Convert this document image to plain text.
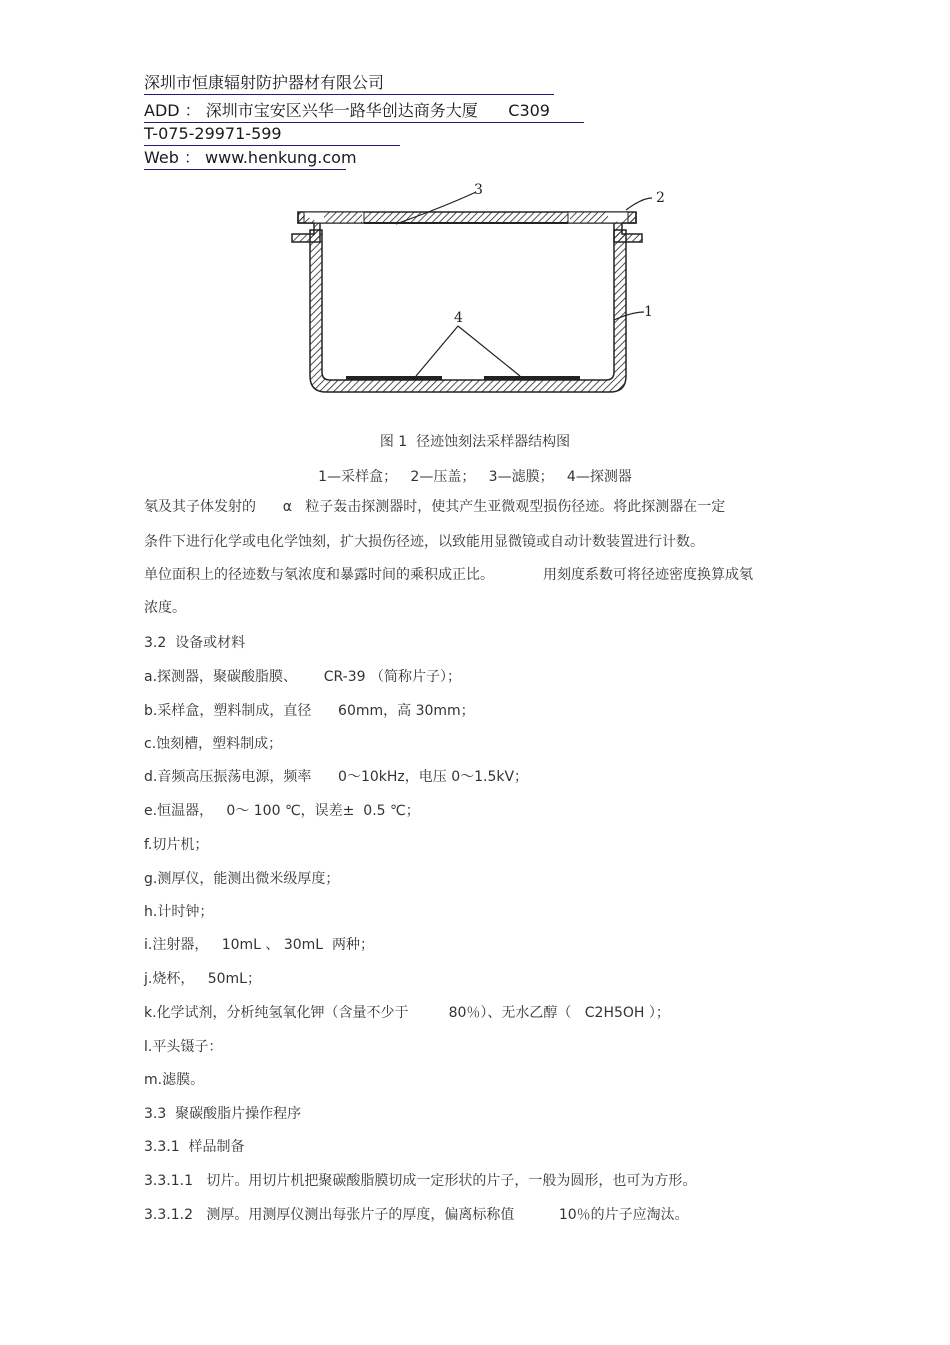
深圳市恒康辐射防护器材有限公司
ADD ： 深圳市宝安区兴华一路华创达商务大厦      C309
T-075-29971-599
Web ： www.henkung.com
3	2
1
4
图 1  径迹蚀刻法采样器结构图
1—采样盒；   2—压盖；   3—滤膜；   4—探测器
氡及其子体发射的      α   粒子轰击探测器时，使其产生亚微观型损伤径迹。将此探测器在一定
条件下进行化学或电化学蚀刻，扩大损伤径迹，以致能用显微镜或自动计数装置进行计数。
单位面积上的径迹数与氡浓度和暴露时间的乘积成正比。           用刻度系数可将径迹密度换算成氡
浓度。
3.2  设备或材料
a.探测器，聚碳酸脂膜、      CR-39 （简称片子）；
b.采样盒，塑料制成，直径      60mm，高 30mm；
c.蚀刻槽，塑料制成；
d.音频高压振荡电源，频率      0～10kHz，电压 0～1.5kV；
e.恒温器，   0～ 100 ℃，误差±  0.5 ℃；
f.切片机；
g.测厚仪，能测出微米级厚度；
h.计时钟；
i.注射器，   10mL 、 30mL  两种；
j.烧杯，   50mL；
k.化学试剂，分析纯氢氧化钾（含量不少于         80％）、无水乙醇（   C2H5OH ）；
l.平头镊子：
m.滤膜。
3.3  聚碳酸脂片操作程序
3.3.1  样品制备
3.3.1.1   切片。用切片机把聚碳酸脂膜切成一定形状的片子，一般为圆形，也可为方形。
3.3.1.2   测厚。用测厚仪测出每张片子的厚度，偏离标称值          10％的片子应淘汰。
